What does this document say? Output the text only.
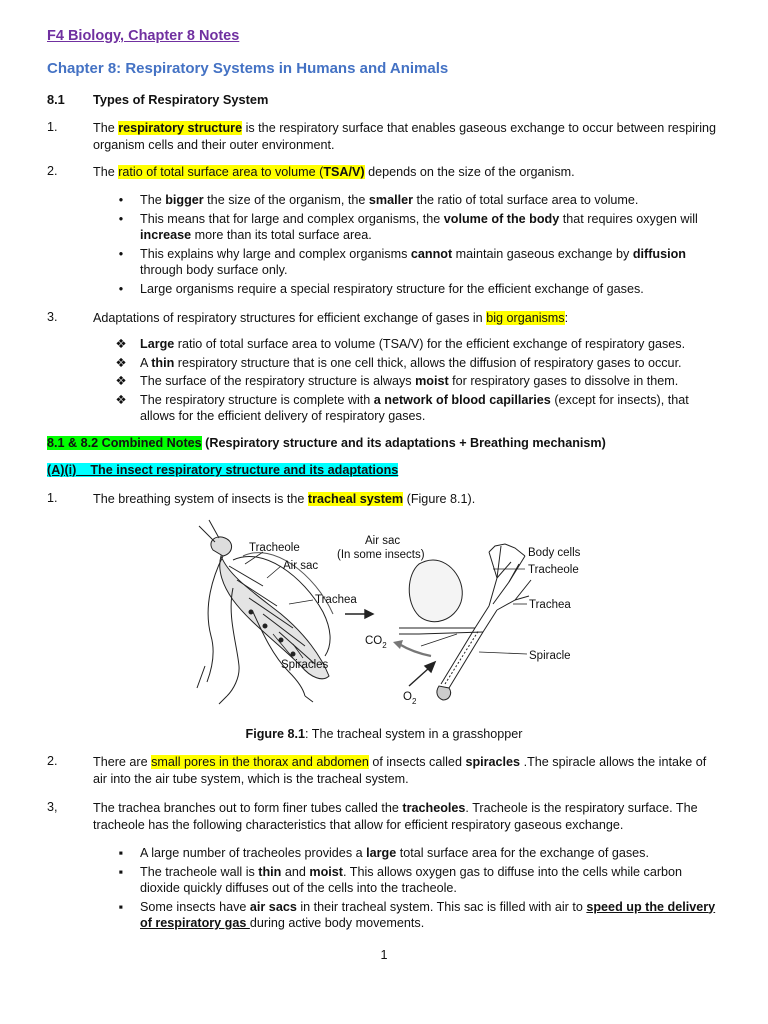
F4 Biology, Chapter 8 Notes
Chapter 8: Respiratory Systems in Humans and Animals
8.1 Types of Respiratory System
1.	The respiratory structure is the respiratory surface that enables gaseous exchange to occur between respiring organism cells and their outer environment.
2.	The ratio of total surface area to volume (TSA/V) depends on the size of the organism.
•	The bigger the size of the organism, the smaller the ratio of total surface area to volume.
•	This means that for large and complex organisms, the volume of the body that requires oxygen will increase more than its total surface area.
•	This explains why large and complex organisms cannot maintain gaseous exchange by diffusion through body surface only.
•	Large organisms require a special respiratory structure for the efficient exchange of gases.
3.	Adaptations of respiratory structures for efficient exchange of gases in big organisms:
❖ Large ratio of total surface area to volume (TSA/V) for the efficient exchange of respiratory gases.
❖ A thin respiratory structure that is one cell thick, allows the diffusion of respiratory gases to occur.
❖ The surface of the respiratory structure is always moist for respiratory gases to dissolve in them.
❖ The respiratory structure is complete with a network of blood capillaries (except for insects), that allows for the efficient delivery of respiratory gases.
8.1 & 8.2 Combined Notes (Respiratory structure and its adaptations + Breathing mechanism)
(A)(i)    The insect respiratory structure and its adaptations
1.	The breathing system of insects is the tracheal system (Figure 8.1).
Tracheole
Air sac
Trachea
Spiracles
Air sac
(In some insects)	Body cells
Tracheole
Trachea
Spiracle
$CO_2$
$O_2$
Figure 8.1: The tracheal system in a grasshopper
2.	There are small pores in the thorax and abdomen of insects called spiracles .The spiracle allows the intake of air into the air tube system, which is the tracheal system.
3,	The trachea branches out to form finer tubes called the tracheoles. Tracheole is the respiratory surface. The tracheole has the following characteristics that allow for efficient respiratory gaseous exchange.
▪ A large number of tracheoles provides a large total surface area for the exchange of gases.
▪ The tracheole wall is thin and moist. This allows oxygen gas to diffuse into the cells while carbon dioxide quickly diffuses out of the cells into the tracheole.
▪ Some insects have air sacs in their tracheal system. This sac is filled with air to speed up the delivery of respiratory gas during active body movements.
1
